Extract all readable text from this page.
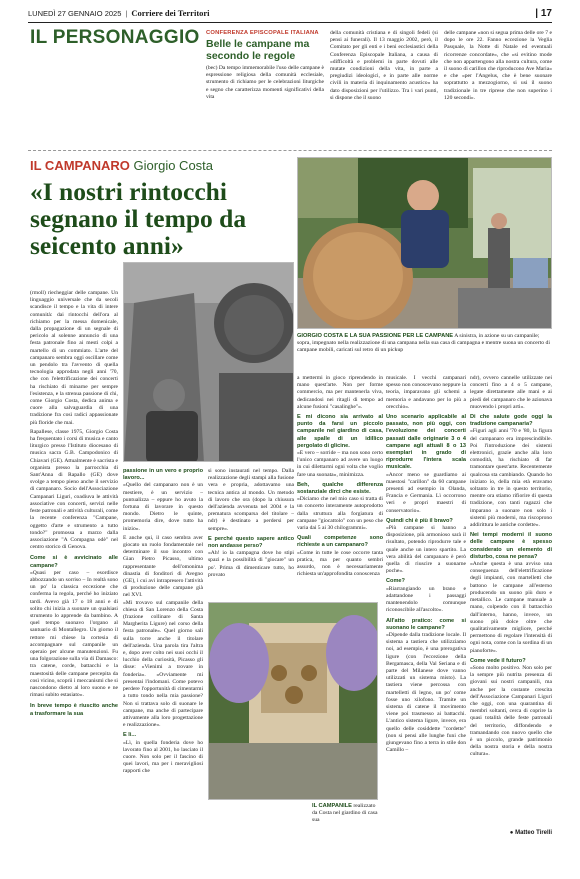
LUNEDÌ 27 GENNAIO 2025 | Corriere dei Territori	| 17
IL PERSONAGGIO CONFERENZA EPISCOPALE ITALIANA
Belle le campane ma secondo le regole
(bec) Da tempo immemorabile l'uso delle campane è espressione religiosa della comunità ecclesiale, strumento di richiamo per le celebrazioni liturgiche e segno che caratterizza momenti significativi della vita
della comunità cristiana e di singoli fedeli (si pensi ai funerali). Il 13 maggio 2002, però, il Comitato per gli enti e i beni ecclesiastici della Conferenza Episcopale Italiana, a causa di «difficoltà e problemi in parte dovuti alle mutate condizioni della vita, in parte a pregiudizi ideologici, e in parte alle norme civili in materia di inquinamento acustico» ha dato disposizioni per l'utilizzo. Tra i vari punti, si dispone che il suono
delle campane «non si segua prima delle ore 7 e dopo le ore 22. Fanno eccezione la Veglia Pasquale, la Notte di Natale ed eventuali ricorrenze concordate», che «si evitino mode che non appartengono alla nostra cultura, come il suono di carillon che riproducono Ave Maria» e che «per l'Angelus, che è bene suonare soprattutto a mezzogiorno, si usi il suono tradizionale in tre riprese che non superino i 120 secondi».
IL CAMPANARO Giorgio Costa
«I nostri rintocchi segnano il tempo da seicento anni»
GIORGIO COSTA E LA SUA PASSIONE PER LE CAMPANE A sinistra, in azione su un campanile; sopra, impegnato nella realizzazione di una campana nella sua casa di campagna e mentre suona un concerto di campane mobili, caricati sul retro di un pickup
(rmoll) riecheggiar delle campane. Un linguaggio universale che da secoli scandisce il tempo e la vita di intere comunità: dai rintocchi dell'ora al richiamo per la messa domenicale, dalla propagazione di un segnale di pericolo al solenne annuncio di una festa patronale fino ai mesti colpi a martello di un commiato. L'arte del campanaro sembra oggi oscillare come un pendolo tra l'avvento di quella tecnologia approdata negli anni '70, che con l'elettrificazione dei concerti ha rischiato di minarne per sempre l'esistenza, e la strenua passione di chi, come Giorgio Costa, dedica anima e cuore alla salvaguardia di una tradizione fra così radici appassionate più floride che mai.
Rapallese, classe 1975, Giorgio Costa ha frequentato i corsi di musica e canto liturgico presso l'Istituto diocesano di musica sacra G.B. Campodonico di Chiavari (GE). Attualmente è sacrista e organista presso la parrocchia di Sant'Anna di Rapallo (GE) dove svolge a tempo pieno anche il servizio di campanaro. Socio dell'Associazione Campanari Liguri, coadiuva le attività associative con concerti, servizi nelle feste patronali e attività culturali, come la recente conferenza "Campane, oggetto d'arte e strumento a tutto tondo?" promossa a marzo dalla associazione "A Compagna odè" nel centro storico di Genova.
Come si è avvicinato alle campane?
«Quasi per caso – esordisce abbozzando un sorriso – In realtà sono un po' la classica eccezione che conferma la regola, perché ho iniziato tardi. Avevo già 17 o 18 anni e di solito chi inizia a suonare un qualsiasi strumento lo apprende da bambino. A quel tempo suonavo l'organo al santuario di Montallegro. Un giorno il rettore mi chiese la cortesia di accompagnare sul campanile un operaio per alcune manutenzioni. Fu una folgorazione sulla via di Damasco: tra catene, corde, battacchi e la maestosità delle campane percepita da così vicino, scoprii i meccanismi che si nascondono dietro al loro suono e ne rimasi subito estasiato».
In breve tempo è riuscito anche a trasformare la sua
passione in un vero e proprio lavoro...
«Quello del campanaro non è un mestiere, è un servizio – puntualizza – eppure ho avuto la fortuna di lavorare in questo mondo. Dietro le quinte, promemoria dire, dove tutto ha inizio».
E anche qui, il caso sembra aver giocato un ruolo fondamentale nel determinare il suo incontro con Gian Pietro Picasso, ultimo rappresentante dell'omonima dinastia di fonditori di Avegno (GE), i cui avi intrapresero l'attività di produzione delle campane già nel XVI.
«Mi trovavo sul campanile della chiesa di San Lorenzo della Costa (frazione collinare di Santa Margherita Ligure) nel corso della festa patronale». Quel giorno sali sulla torre anche il titolare dell'azienda. Una parola tira l'altra e, dopo aver colto nei suoi occhi il lucchio della curiosità, Picasso gli disse: «Vienimi a trovare in fonderia». «Ovviamente mi presentai l'indomani. Come potevo perdere l'opportunità di cimentarmi a tutto tondo nella mia passione? Non si trattava solo di suonare le campane, ma anche di partecipare attivamente alla loro progettazione e realizzazione».
E li...
«Lì, in quella fonderia dove ho lavorato fino al 2001, ho lasciato il cuore. Non solo per il fascino di quei lavori, ma per i meravigliosi rapporti che
si sono instaurati nel tempo. Dalla realizzazione degli stampi alla fusione vera e propria, adottavamo una tecnica antica al mondo. Un metodo di lavoro che ora (dopo la chiusura dell'azienda avvenuta nel 2004 e la prematura scomparsa del titolare – ndr) è destinato a perdersi per sempre».
E perché questo sapere antico non andasse perso?
«Ah! io la campagna dove ho stipi spazi e la possibilità di "giocare" un po'. Prima di dimenticare tutto, ho provato
IL CAMPANILE realizzato da Costa nel giardino di casa sua
a mettermi in gioco riprendendo in mano quest'arte. Non per forme commercio, ma per mantenerla viva, dedicandosi nei ritagli di tempo ad alcune fusioni "casalinghe"».
E mi dicono sia arrivato al punto da farsi un piccolo campanile nel giardino di casa, alle spalle di un idillico pergolato di glicine.
«È vero – sorride – ma non sono certo l'unico campanaro ad avere un luogo in cui dilettarmi ogni volta che voglio fare una suonata», minimizza.
Beh, qualche differenza sostanziale dirci che esiste.
«Diciamo che nel mio caso si tratta di un concerto interamente autoprodotto dalla struttura alla forgiatura di campane "giocattolo" con un peso che varia dai 5 ai 30 chilogrammi».
Quali competenze sono richieste a un campanaro?
«Come in tutte le cose occorre tanta pratica, ma per quanto sembri assurdo, non è necessariamente richiesta un'approfondita conoscenza
musicale. I vecchi campanari spesso non conoscevano neppure la teoria, imparavano gli schemi a memoria e andavano per lo più a orecchio».
Uno scenario applicabile al passato, non più oggi, con l'evoluzione dei concerti passati dalle originarie 3 o 4 campane agli attuali 8 o 13 esemplari in grado di riprodurre l'intera scala musicale.
«Ancor meno se guardiamo ai maestosi "carillon" da 60 campane presenti ad esempio in Olanda, Francia e Germania. Lì occorrono veri e propri maestri di conservatorio».
Quindi chi è più il bravo?
«Più campane si hanno a disposizione, più armonioso sarà il risultato, potendo riprodurre tale e quale anche un intero spartito. La vera abilità del campanaro è però quella di riuscire a suonarne poche».
Come?
«Riarrangiando un brano e adattandone i passaggi mantenendolo comunque riconoscibile all'ascolto».
All'atto pratico: come si suonano le campane?
«Dipende dalla tradizione locale. Il sistema a tastiera che utilizziamo noi, ad esempio, è una prerogativa ligure (con l'eccezione della Bergamasca, della Val Seriana e di parte del Milanese dove vanno utilizzati un sistema misto). La tastiera viene percossa con martelletti di legno, un po' come fosse uno xilofono. Tramite un sistema di catene il movimento viene poi trasmesso ai battacchi. L'antico sistema ligure, invece, era quello delle cosiddette "cordette" (non si pensi alle lunghe funi che giungevano fino a terra in stile don Camillo –
ndr), ovvero cannelle utilizzate nei concerti fino a 4 o 5 campane, legate direttamente alle mani e ai piedi del campanaro che le azionava muovendo i propri arti».
Di che salute gode oggi la tradizione campanaria?
«Figuri agli anni '70 e '80, la figura del campanaro era imprescindibile. Poi l'introduzione dei sistemi elettronici, grazie anche alla loro comodità, ha rischiato di far tramontare quest'arte. Recentemente qualcosa sta cambiando. Quando ho iniziato io, della mia età eravamo soltanto in tre in questo territorio, mentre ora stiamo rifiorire di questa tradizione, con tanti ragazzi che imparano a suonare non solo i sistemi più moderni, ma riscoprono addirittura le antiche cordette».
Nei tempi moderni il suono delle campane è spesso considerato un elemento di disturbo, cosa ne pensa?
«Anche questa è una avviso una conseguenza dell'elettrificazione degli impianti, con martelletti che battono le campane all'esterno producendo un suono più duro e metallico. Le campane manuale a mano, colpendo con il battacchio dall'interno, hanno, invece, un suono più dolce oltre che qualitativamente migliore, perché permettono di regolare l'intensità di ogni nota, come con la sordina di un pianoforte».
Come vede il futuro?
«Sono molto positivo. Non solo per la sempre più nutrita presenza di giovani sui nostri campanili, ma anche per la costante crescita dell'Associazione Campanari Liguri che oggi, con una quarantina di membri soltanti, cerca di coprire la quasi totalità delle feste patronali del territorio, diffondendo e tramandando con nuovo quello che è un piccolo, grande patrimonio della nostra storia e della nostra cultura».
● Matteo Tirelli
